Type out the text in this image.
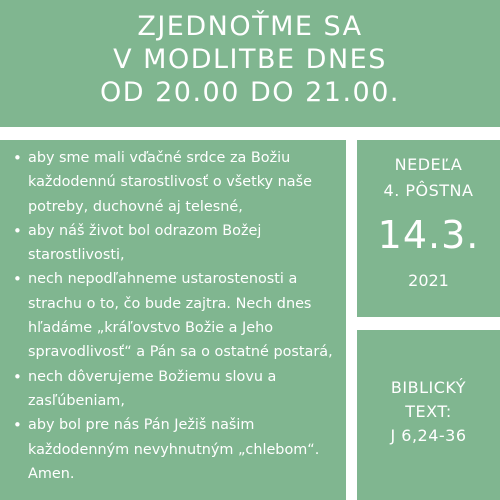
ZJEDNOŤME SA
V MODLITBE DNES
OD 20.00 DO 21.00.
• aby sme mali vďačné srdce za Božiu každodennú starostlivosť o všetky naše potreby, duchovné aj telesné,
• aby náš život bol odrazom Božej starostlivosti,
• nech nepodľahneme ustarostenosti a strachu o to, čo bude zajtra. Nech dnes hľadáme „kráľovstvo Božie a Jeho spravodlivosť“ a Pán sa o ostatné postará,
• nech dôverujeme Božiemu slovu a zasľúbeniam,
• aby bol pre nás Pán Ježiš našim každodenným nevyhnutným „chlebom“. Amen.
NEDEĽA
4. PÔSTNA
14.3.
2021
BIBLICKÝ
TEXT:
J 6,24-36
